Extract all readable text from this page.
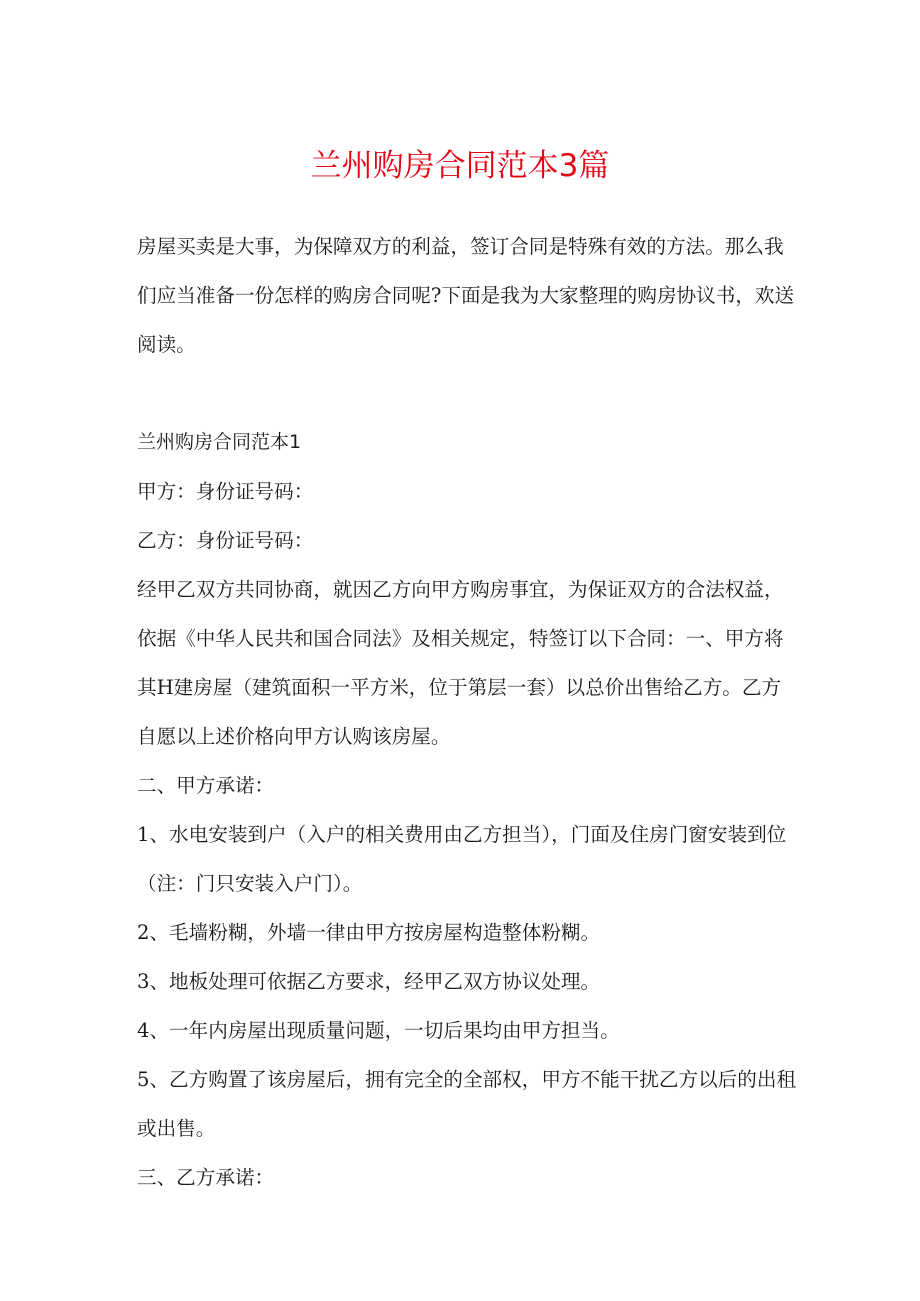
兰州购房合同范本3篇

房屋买卖是大事，为保障双方的利益，签订合同是特殊有效的方法。那么我们应当准备一份怎样的购房合同呢?下面是我为大家整理的购房协议书，欢送阅读。

兰州购房合同范本1

甲方：身份证号码：

乙方：身份证号码：

经甲乙双方共同协商，就因乙方向甲方购房事宜，为保证双方的合法权益，依据《中华人民共和国合同法》及相关规定，特签订以下合同：一、甲方将其H建房屋（建筑面积一平方米，位于第层一套）以总价出售给乙方。乙方自愿以上述价格向甲方认购该房屋。

二、甲方承诺：

1、水电安装到户（入户的相关费用由乙方担当），门面及住房门窗安装到位（注：门只安装入户门）。

2、毛墙粉糊，外墙一律由甲方按房屋构造整体粉糊。

3、地板处理可依据乙方要求，经甲乙双方协议处理。

4、一年内房屋出现质量问题，一切后果均由甲方担当。

5、乙方购置了该房屋后，拥有完全的全部权，甲方不能干扰乙方以后的出租或出售。

三、乙方承诺：
